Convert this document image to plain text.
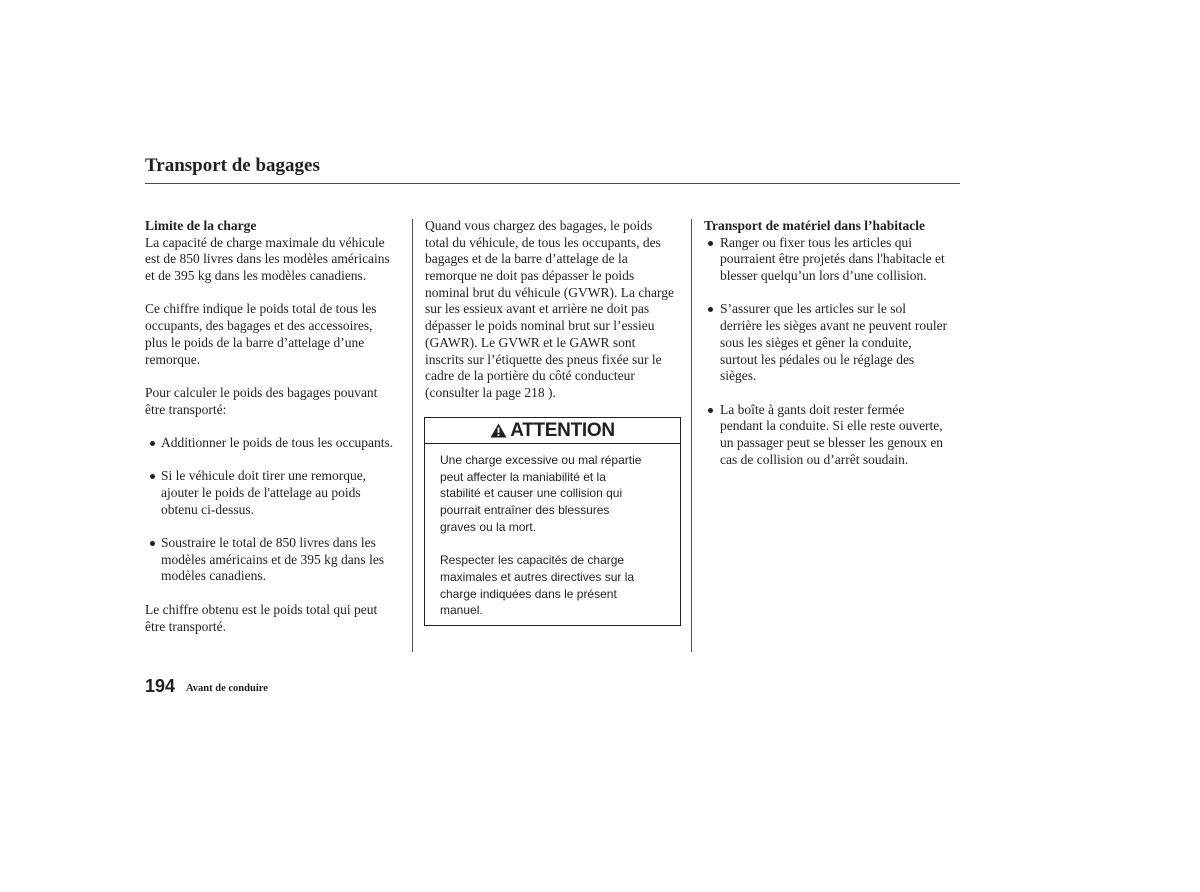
Transport de bagages
Limite de la charge
La capacité de charge maximale du véhicule
est de 850 livres dans les modèles américains
et de 395 kg dans les modèles canadiens.
Ce chiffre indique le poids total de tous les
occupants, des bagages et des accessoires,
plus le poids de la barre d’attelage d’une
remorque.
Pour calculer le poids des bagages pouvant
être transporté:
Additionner le poids de tous les occupants.
Si le véhicule doit tirer une remorque,
ajouter le poids de l'attelage au poids
obtenu ci-dessus.
Soustraire le total de 850 livres dans les
modèles américains et de 395 kg dans les
modèles canadiens.
Le chiffre obtenu est le poids total qui peut
être transporté.
Quand vous chargez des bagages, le poids
total du véhicule, de tous les occupants, des
bagages et de la barre d’attelage de la
remorque ne doit pas dépasser le poids
nominal brut du véhicule (GVWR). La charge
sur les essieux avant et arrière ne doit pas
dépasser le poids nominal brut sur l’essieu
(GAWR). Le GVWR et le GAWR sont
inscrits sur l’étiquette des pneus fixée sur le
cadre de la portière du côté conducteur
(consulter la page 218 ).
ATTENTION
Une charge excessive ou mal répartie
peut affecter la maniabilité et la
stabilité et causer une collision qui
pourrait entraîner des blessures
graves ou la mort.
Respecter les capacités de charge
maximales et autres directives sur la
charge indiquées dans le présent
manuel.
Transport de matériel dans l’habitacle
Ranger ou fixer tous les articles qui
pourraient être projetés dans l'habitacle et
blesser quelqu’un lors d’une collision.
S’assurer que les articles sur le sol
derrière les sièges avant ne peuvent rouler
sous les sièges et gêner la conduite,
surtout les pédales ou le réglage des
sièges.
La boîte à gants doit rester fermée
pendant la conduite. Si elle reste ouverte,
un passager peut se blesser les genoux en
cas de collision ou d’arrêt soudain.
194 Avant de conduire
